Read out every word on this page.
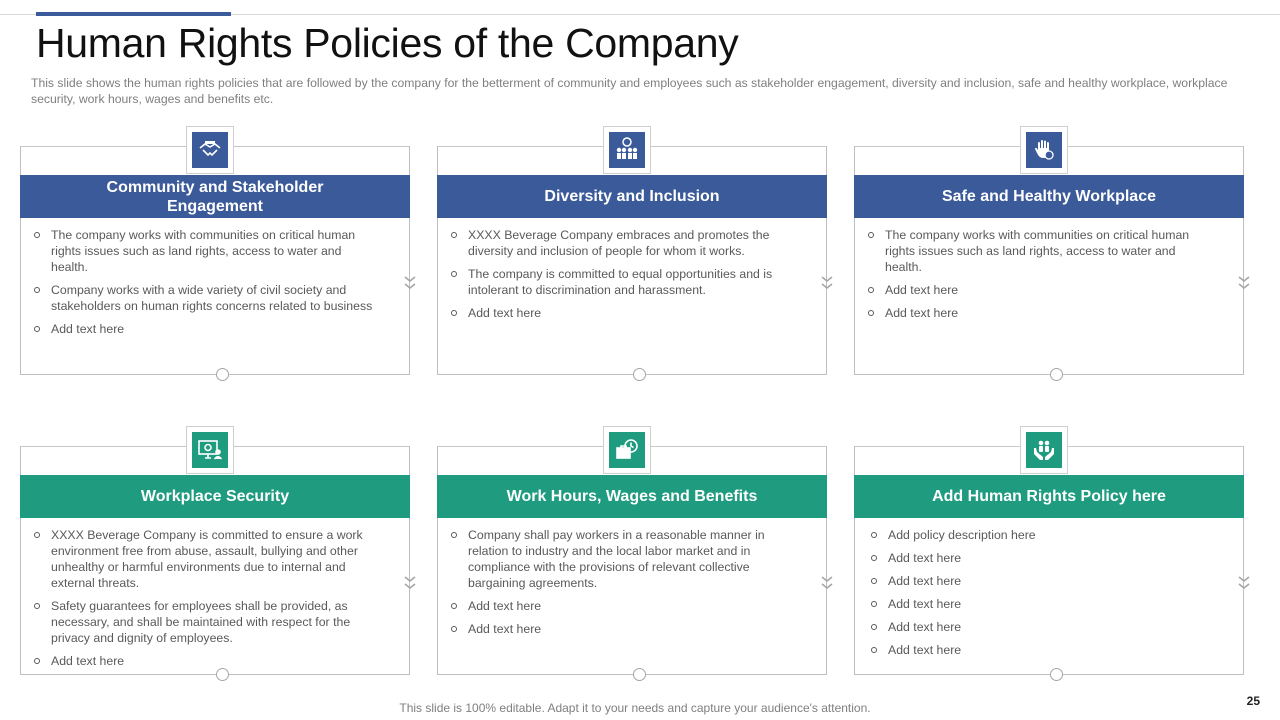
Human Rights Policies of the Company

This slide shows the human rights policies that are followed by the company for the betterment of community and employees such as stakeholder engagement, diversity and inclusion, safe and healthy workplace, workplace security, work hours, wages and benefits etc.

Community and Stakeholder Engagement
The company works with communities on critical human rights issues such as land rights, access to water and health.
Company works with a wide variety of civil society and stakeholders on human rights concerns related to business
Add text here
Diversity and Inclusion
XXXX Beverage Company embraces and promotes the diversity and inclusion of people for whom it works.
The company is committed to equal opportunities and is intolerant to discrimination and harassment.
Add text here
Safe and Healthy Workplace
The company works with communities on critical human rights issues such as land rights, access to water and health.
Add text here
Add text here
Workplace Security
XXXX Beverage Company is committed to ensure a work environment free from abuse, assault, bullying and other unhealthy or harmful environments due to internal and external threats.
Safety guarantees for employees shall be provided, as necessary, and shall be maintained with respect for the privacy and dignity of employees.
Add text here
Work Hours, Wages and Benefits
Company shall pay workers in a reasonable manner in relation to industry and the local labor market and in compliance with the provisions of relevant collective bargaining agreements.
Add text here
Add text here
Add Human Rights Policy here
Add policy description here
Add text here
Add text here
Add text here
Add text here
Add text here
This slide is 100% editable. Adapt it to your needs and capture your audience's attention.	25
